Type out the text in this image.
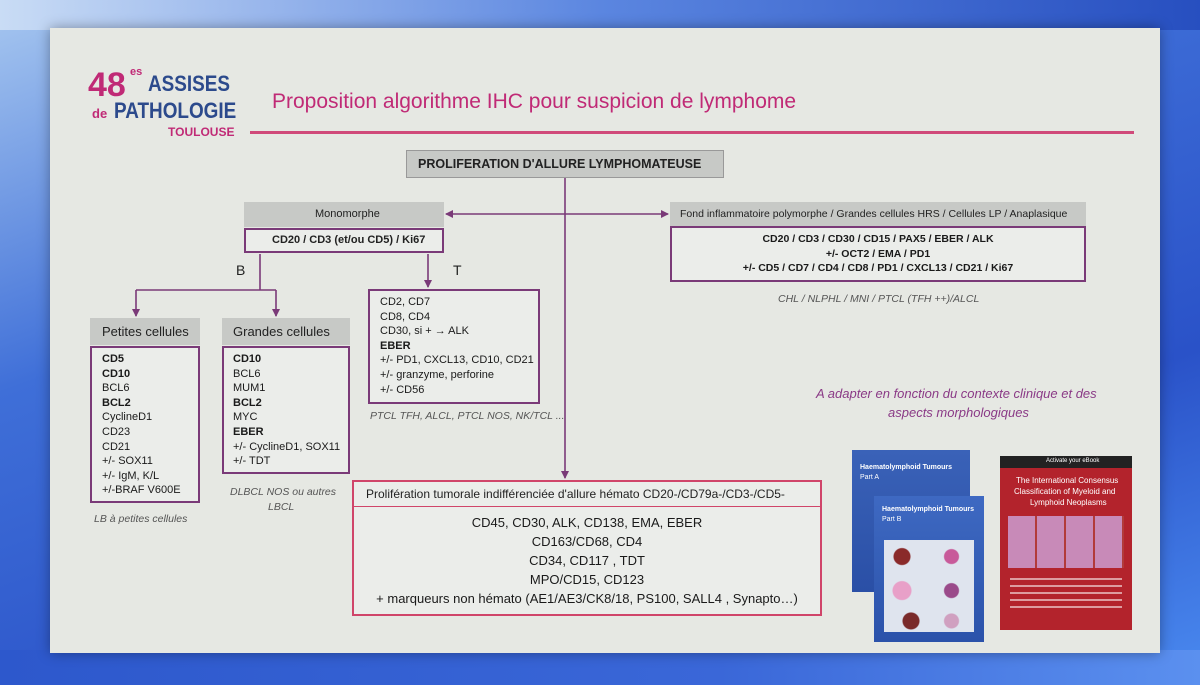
48 es ASSISES
de PATHOLOGIE
TOULOUSE
Proposition algorithme IHC pour suspicion de lymphome
PROLIFERATION D'ALLURE LYMPHOMATEUSE
Monomorphe
CD20 / CD3 (et/ou CD5) / Ki67
B	T
Petites cellules
CD5
CD10
BCL6
BCL2
CyclineD1
CD23
CD21
+/- SOX11
+/- IgM, K/L
+/-BRAF V600E
LB à petites cellules
Grandes cellules
CD10
BCL6
MUM1
BCL2
MYC
EBER
+/- CyclineD1, SOX11
+/- TDT
DLBCL NOS ou autres
LBCL
CD2, CD7
CD8, CD4
CD30, si + → ALK
EBER
+/- PD1, CXCL13, CD10, CD21
+/- granzyme, perforine
+/- CD56
PTCL TFH, ALCL, PTCL NOS, NK/TCL ...
Fond inflammatoire polymorphe / Grandes cellules HRS / Cellules LP / Anaplasique
CD20 / CD3 / CD30 / CD15 / PAX5 / EBER / ALK
+/- OCT2 / EMA / PD1
+/- CD5 / CD7 / CD4 / CD8 / PD1 / CXCL13 / CD21 / Ki67
CHL / NLPHL / MNI / PTCL (TFH ++)/ALCL
A adapter en fonction du contexte clinique et des
aspects morphologiques
Prolifération tumorale indifférenciée d'allure hémato CD20-/CD79a-/CD3-/CD5-
CD45, CD30, ALK, CD138, EMA, EBER
CD163/CD68, CD4
CD34, CD117 , TDT
MPO/CD15, CD123
+ marqueurs non hémato (AE1/AE3/CK8/18, PS100, SALL4 , Synapto…)
Haematolymphoid Tumours
Part A
Haematolymphoid Tumours
Part B
Activate your eBook
The International Consensus
Classification of Myeloid and
Lymphoid Neoplasms
